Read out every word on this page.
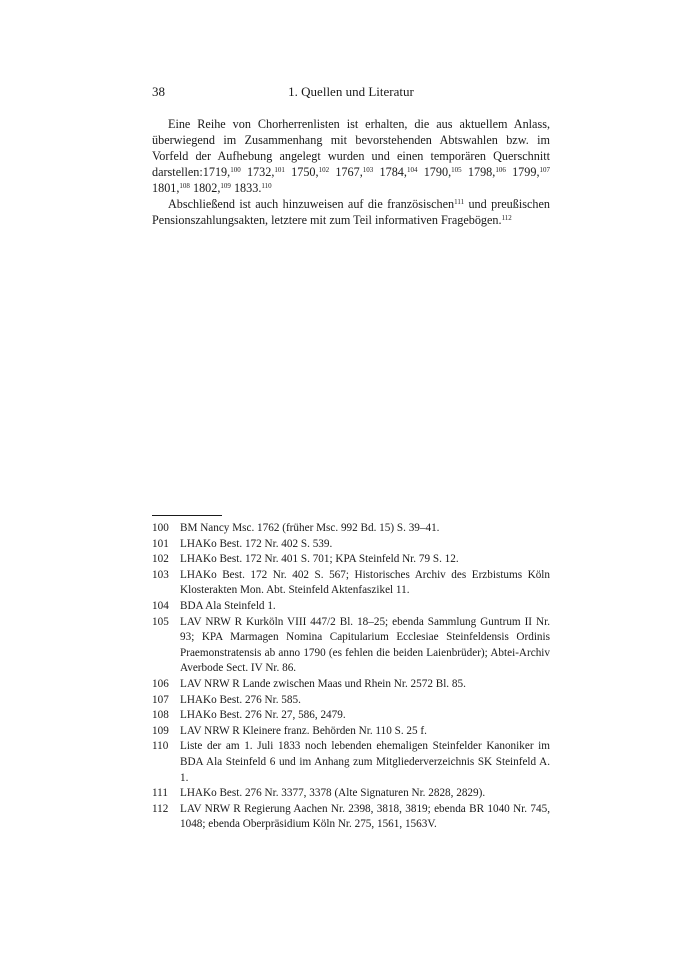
38	1. Quellen und Literatur

Eine Reihe von Chorherrenlisten ist erhalten, die aus aktuellem Anlass, überwiegend im Zusammenhang mit bevorstehenden Abtswahlen bzw. im Vorfeld der Aufhebung angelegt wurden und einen temporären Querschnitt darstellen:1719,$^{100}$ 1732,$^{101}$ 1750,$^{102}$ 1767,$^{103}$ 1784,$^{104}$ 1790,$^{105}$ 1798,$^{106}$ 1799,$^{107}$ 1801,$^{108}$ 1802,$^{109}$ 1833.$^{110}$

Abschließend ist auch hinzuweisen auf die französischen$^{111}$ und preußischen Pensionszahlungsakten, letztere mit zum Teil informativen Fragebögen.$^{112}$

100	BM Nancy Msc. 1762 (früher Msc. 992 Bd. 15) S. 39–41.
101	LHAKo Best. 172 Nr. 402 S. 539.
102	LHAKo Best. 172 Nr. 401 S. 701; KPA Steinfeld Nr. 79 S. 12.
103	LHAKo Best. 172 Nr. 402 S. 567; Historisches Archiv des Erzbistums Köln Klosterakten Mon. Abt. Steinfeld Aktenfaszikel 11.
104	BDA Ala Steinfeld 1.
105	LAV NRW R Kurköln VIII 447/2 Bl. 18–25; ebenda Sammlung Guntrum II Nr. 93; KPA Marmagen Nomina Capitularium Ecclesiae Steinfeldensis Ordinis Praemonstratensis ab anno 1790 (es fehlen die beiden Laienbrüder); Abtei-Archiv Averbode Sect. IV Nr. 86.
106	LAV NRW R Lande zwischen Maas und Rhein Nr. 2572 Bl. 85.
107	LHAKo Best. 276 Nr. 585.
108	LHAKo Best. 276 Nr. 27, 586, 2479.
109	LAV NRW R Kleinere franz. Behörden Nr. 110 S. 25 f.
110	Liste der am 1. Juli 1833 noch lebenden ehemaligen Steinfelder Kanoniker im BDA Ala Steinfeld 6 und im Anhang zum Mitgliederverzeichnis SK Steinfeld A. 1.
111	LHAKo Best. 276 Nr. 3377, 3378 (Alte Signaturen Nr. 2828, 2829).
112	LAV NRW R Regierung Aachen Nr. 2398, 3818, 3819; ebenda BR 1040 Nr. 745, 1048; ebenda Oberpräsidium Köln Nr. 275, 1561, 1563V.
